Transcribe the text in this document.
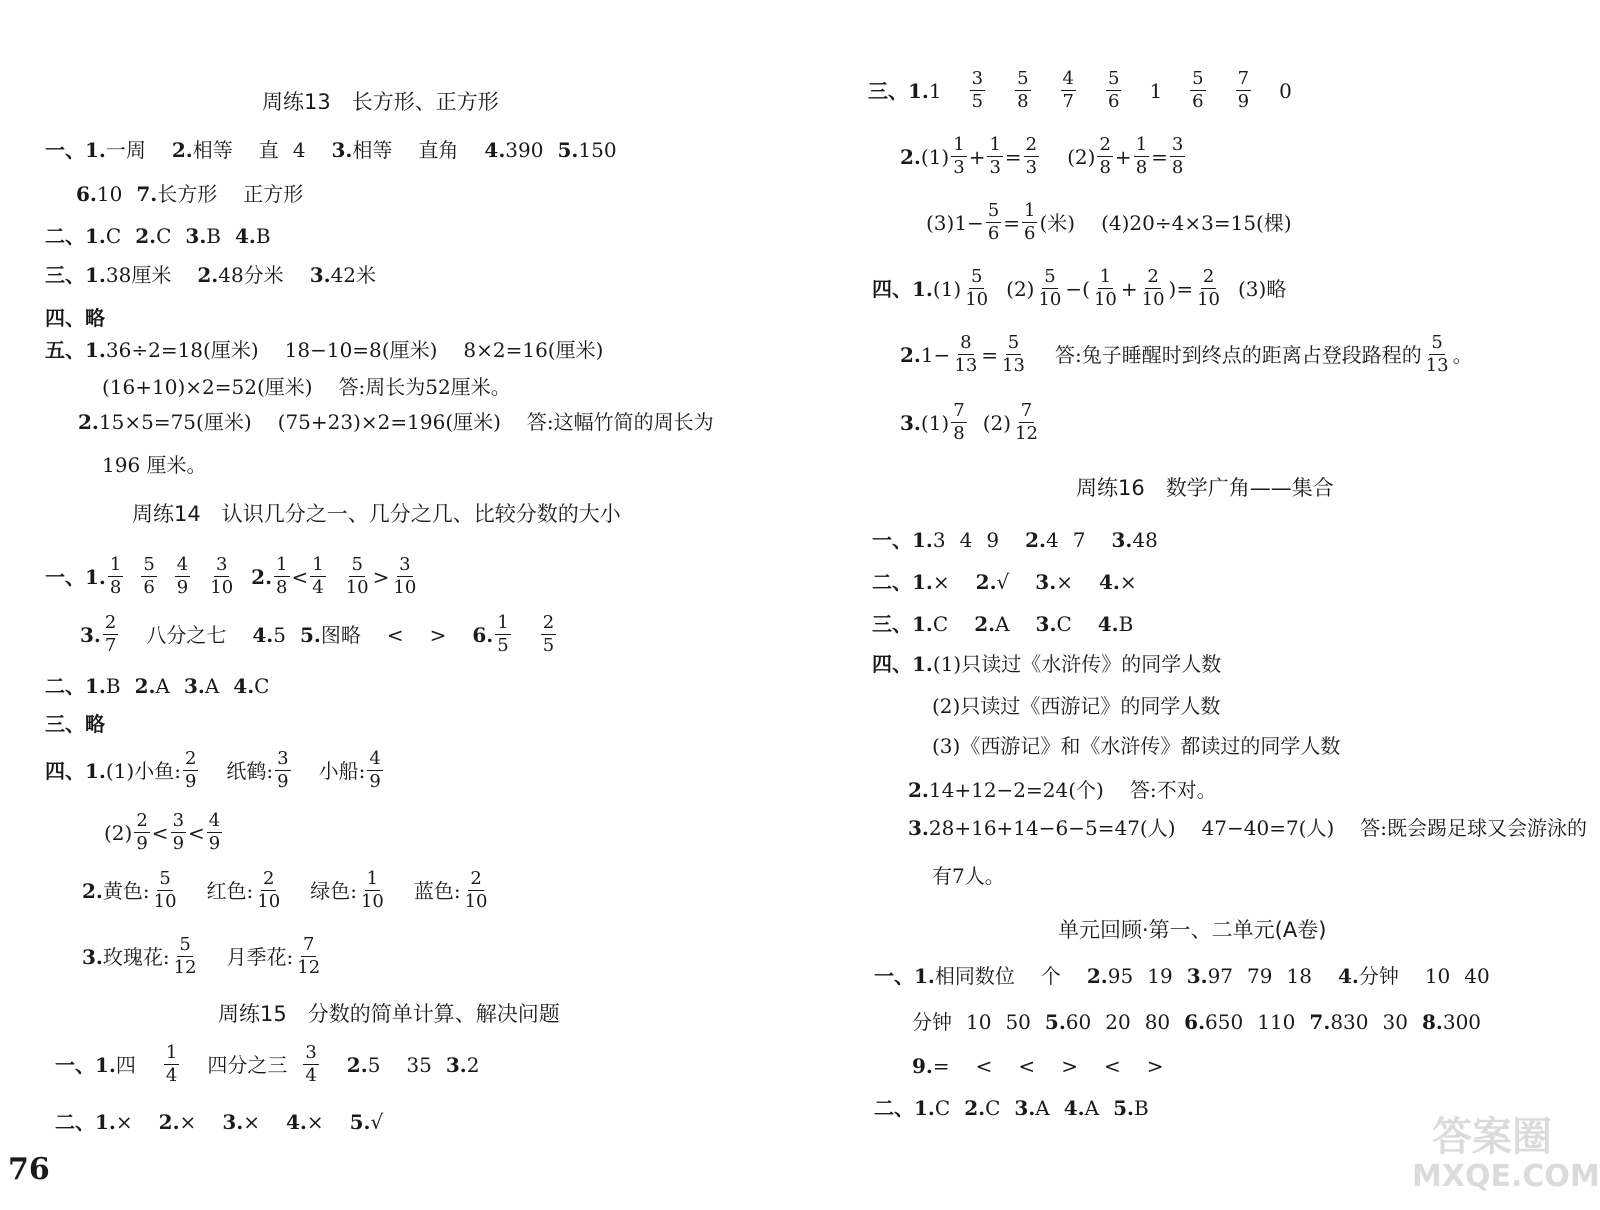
周练13　长方形、正方形
一、1. 一周 2. 相等 直 4 3. 相等 直角 4. 390 5. 150
6. 10 7. 长方形 正方形
二、1. C 2. C 3. B 4. B
三、1. 38厘米 2. 48分米 3. 42米
四、略
五、1. 36÷2=18(厘米) 18−10=8(厘米) 8×2=16(厘米)
(16+10)×2=52(厘米) 答:周长为52厘米。
2. 15×5=75(厘米) (75+23)×2=196(厘米) 答:这幅竹简的周长为
196 厘米。
周练14　认识几分之一、几分之几、比较分数的大小
一、1. $\frac{1}{8} \frac{5}{6} \frac{4}{9} \frac{3}{10} 2$. $\frac{1}{8} < \frac{1}{4} \frac{5}{10} > \frac{3}{10}$
3. $\frac{2}{7}$ 八分之七 4. 5 5. 图略 < > 6. $\frac{1}{5} \frac{2}{5}$
二、1. B 2. A 3. A 4. C
三、略
四、1. (1)小鱼: $\frac{2}{9}$ 纸鹤: $\frac{3}{9}$ 小船: $\frac{4}{9}$
$(2) \frac{2}{9} < \frac{3}{9} < \frac{4}{9}$
2. 黄色: $\frac{5}{10}$ 红色: $\frac{2}{10}$ 绿色: $\frac{1}{10}$ 蓝色: $\frac{2}{10}$
3. 玫瑰花: $\frac{5}{12}$ 月季花: $\frac{7}{12}$
周练15　分数的简单计算、解决问题
一、1. 四 $\frac{1}{4}$ 四分之三 $\frac{3}{4} 2$. 5 35 3. 2
二、1. × 2. × 3. × 4. × 5. √
76
三、1. $1 \frac{3}{5} \frac{5}{8} \frac{4}{7} \frac{5}{6} 1 \frac{5}{6} \frac{7}{9} 0$
2. $(1) \frac{1}{3} + \frac{1}{3} = \frac{2}{3} (2) \frac{2}{8} + \frac{1}{8} = \frac{3}{8}$
$(3)1- \frac{5}{6} = \frac{1}{6}$ (米) (4)20÷4×3=15(棵)
四、1. $(1) \frac{5}{10} (2) \frac{5}{10}$ −( $\frac{1}{10} + \frac{2}{10}$ )= $\frac{2}{10} (3)$略
2. $1- \frac{8}{13} = \frac{5}{13}$ 答:兔子睡醒时到终点的距离占登段路程的 $\frac{5}{13}$ 。
3. $(1) \frac{7}{8} (2) \frac{7}{12}$
周练16　数学广角——集合
一、1. 3 4 9 2. 4 7 3. 48
二、1. × 2. √ 3. × 4. ×
三、1. C 2. A 3. C 4. B
四、1. (1)只读过《水浒传》的同学人数
(2)只读过《西游记》的同学人数
(3)《西游记》和《水浒传》都读过的同学人数
2. 14+12−2=24(个) 答:不对。
3. 28+16+14−6−5=47(人) 47−40=7(人) 答:既会踢足球又会游泳的
有7人。
单元回顾·第一、二单元(A卷)
一、1. 相同数位 个 2. 95 19 3. 97 79 18 4. 分钟 10 40
分钟 10 50 5. 60 20 80 6. 650 110 7. 830 30 8. 300
9. = < < > < >
二、1. C 2. C 3. A 4. A 5. B
答案圈
MXQE.COM
